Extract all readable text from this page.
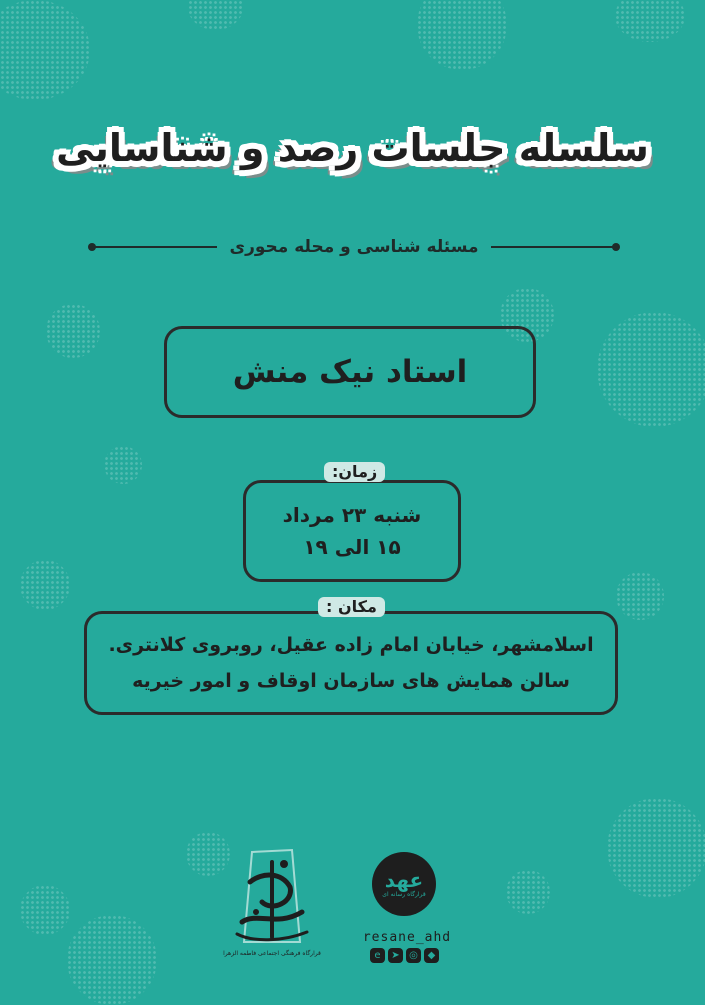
سلسله جلسات رصد و شناسایی
مسئله شناسی و محله محوری
استاد نیک منش
شنبه ۲۳ مرداد
۱۵ الی ۱۹
زمان:
اسلامشهر، خیابان امام زاده عقیل، روبروی کلانتری.
سالن همایش های سازمان اوقاف و امور خیریه
مکان :
قرارگاه فرهنگی اجتماعی فاطمه الزهرا
عهد
قرارگاه رسانه ای
resane_ahd
e	➤ ◎ ◆
